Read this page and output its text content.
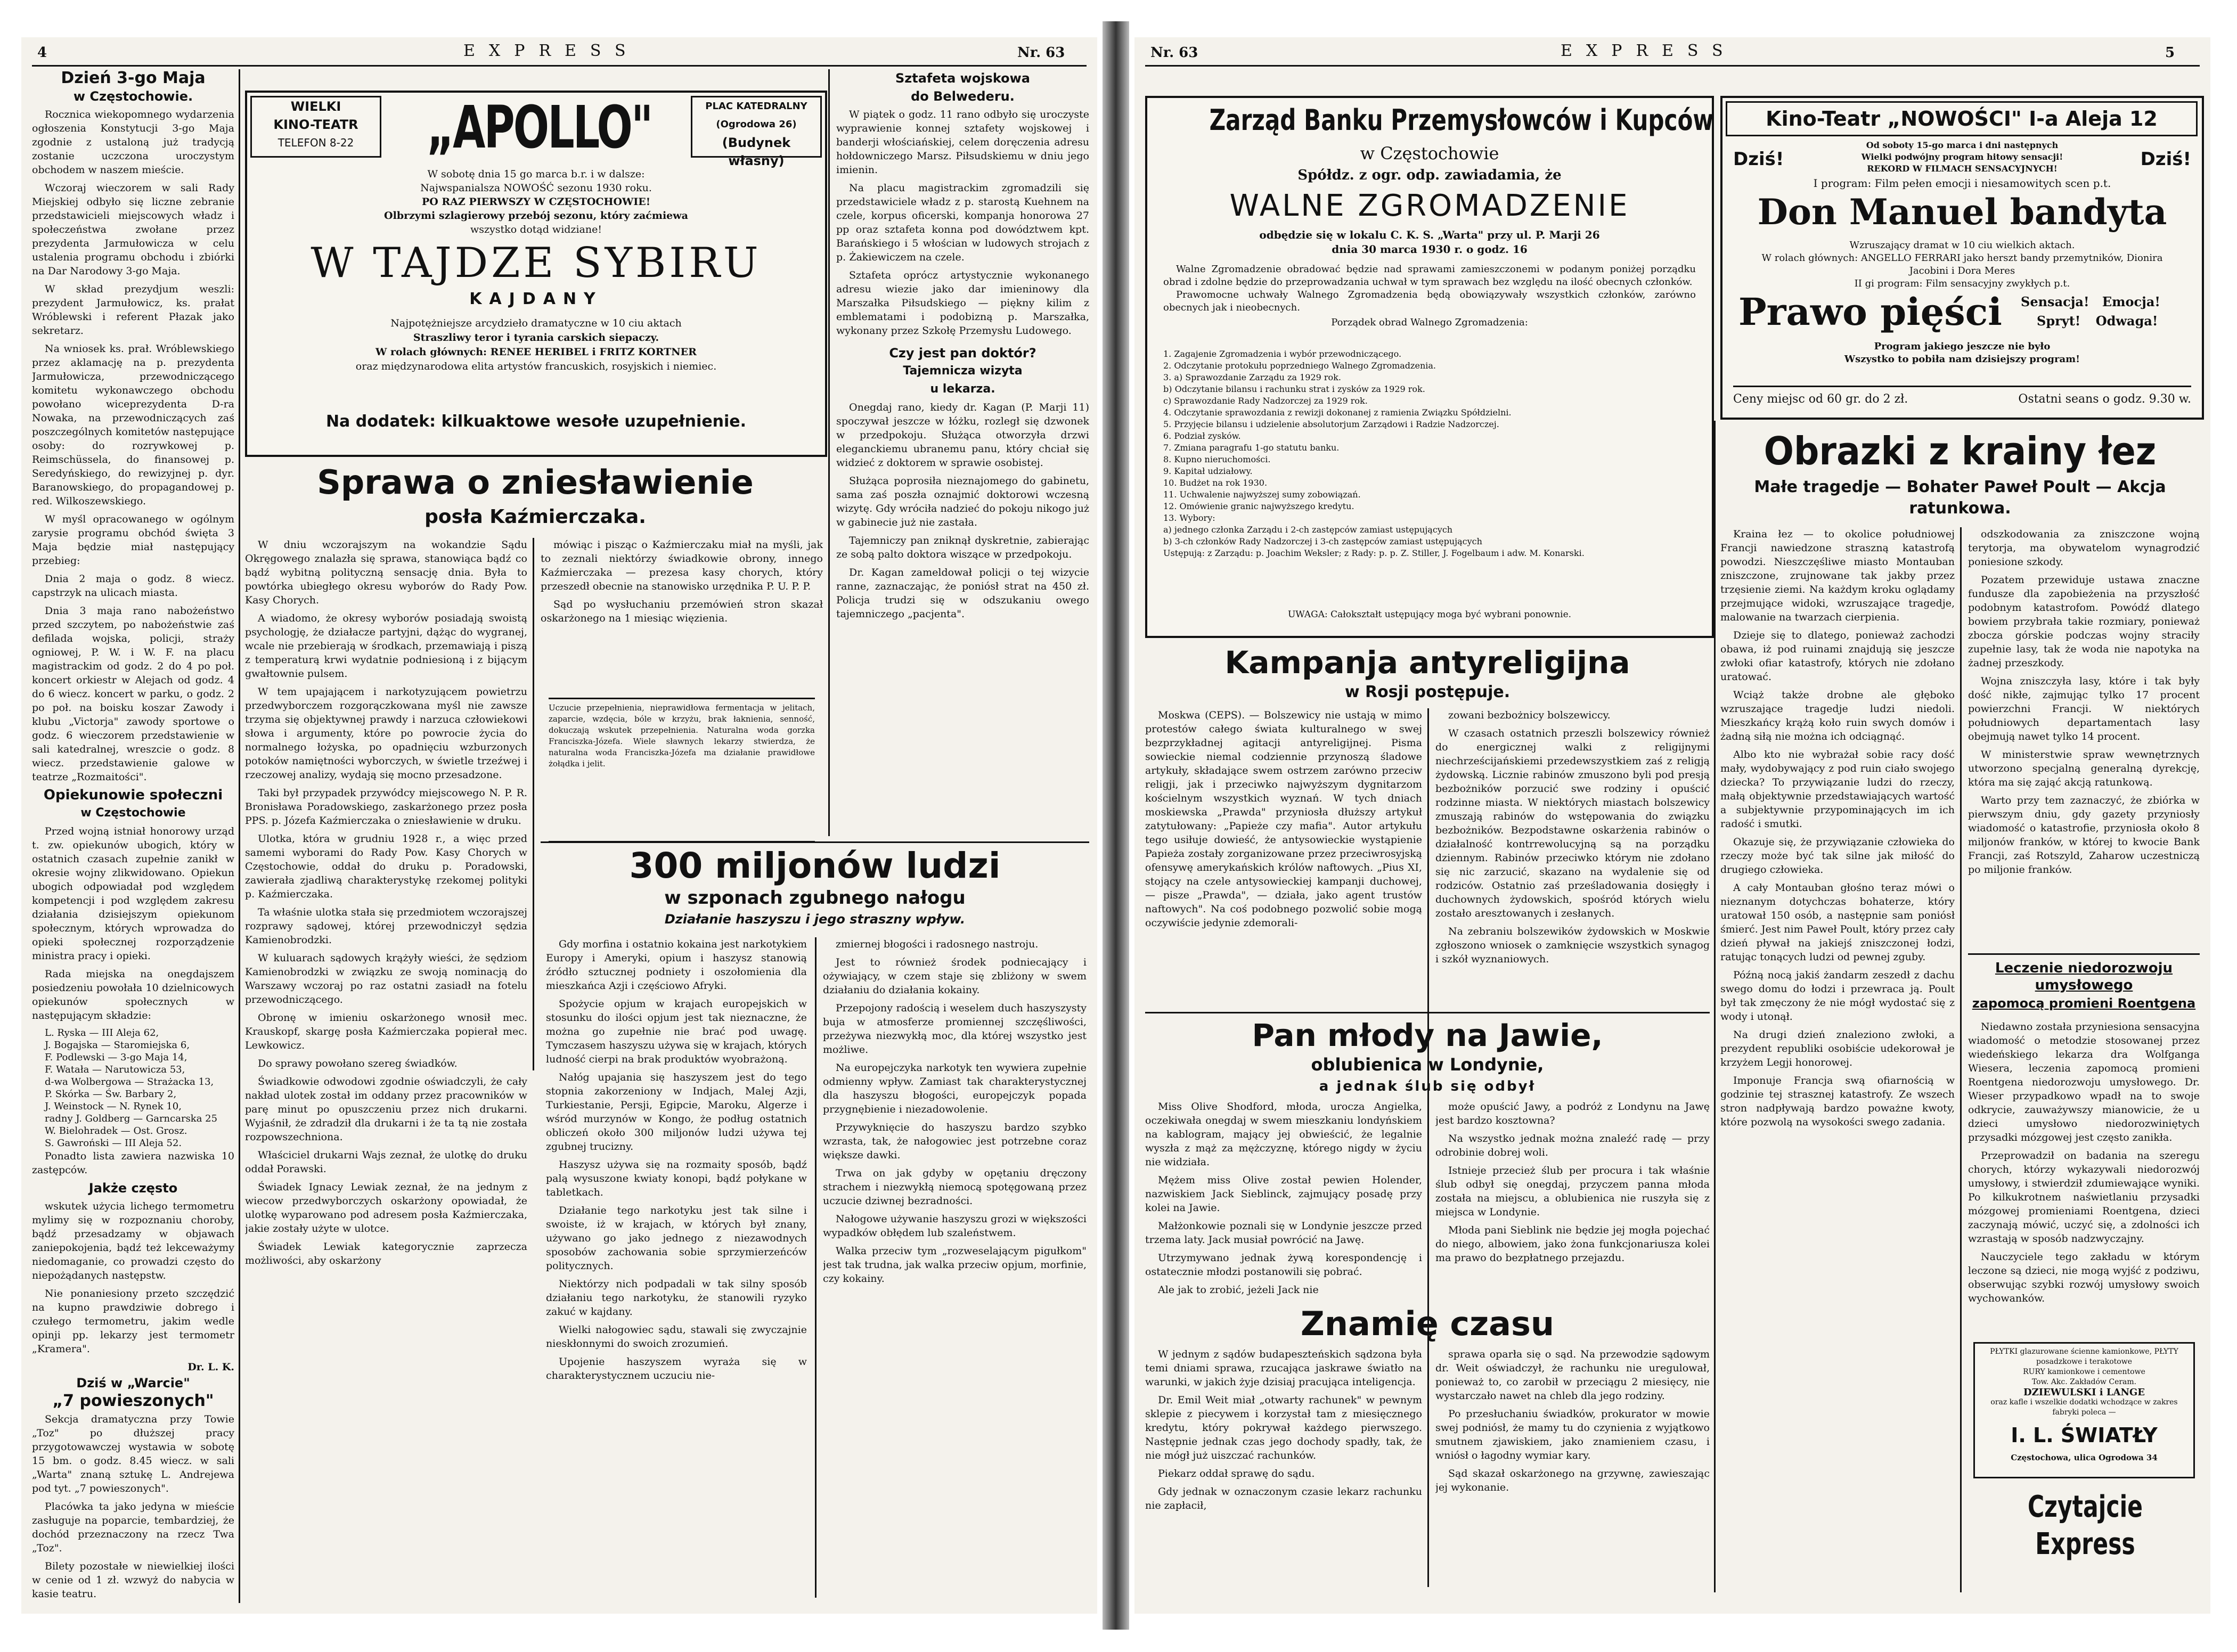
4	EXPRESS	Nr. 63
Dzień 3-go Maja
w Częstochowie.

Rocznica wiekopomnego wydarzenia ogłoszenia Konstytucji 3-go Maja zgodnie z ustaloną już tradycją zostanie uczczona uroczystym obchodem w naszem mieście.

Wczoraj wieczorem w sali Rady Miejskiej odbyło się liczne zebranie przedstawicieli miejscowych władz i społeczeństwa zwołane przez prezydenta Jarmułowicza w celu ustalenia programu obchodu i zbiórki na Dar Narodowy 3-go Maja.

W skład prezydjum weszli: prezydent Jarmułowicz, ks. prałat Wróblewski i referent Płazak jako sekretarz.

Na wniosek ks. prał. Wróblewskiego przez aklamację na p. prezydenta Jarmułowicza, przewodniczącego komitetu wykonawczego obchodu powołano wiceprezydenta D-ra Nowaka, na przewodniczących zaś poszczególnych komitetów następujące osoby: do rozrywkowej p. Reimschüssela, do finansowej p. Seredyńskiego, do rewizyjnej p. dyr. Baranowskiego, do propagandowej p. red. Wilkoszewskiego.

W myśl opracowanego w ogólnym zarysie programu obchód święta 3 Maja będzie miał następujący przebieg:

Dnia 2 maja o godz. 8 wiecz. capstrzyk na ulicach miasta.

Dnia 3 maja rano nabożeństwo przed szczytem, po nabożeństwie zaś defilada wojska, policji, straży ogniowej, P. W. i W. F. na placu magistrackim od godz. 2 do 4 po poł. koncert orkiestr w Alejach od godz. 4 do 6 wiecz. koncert w parku, o godz. 2 po poł. na boisku koszar Zawody i klubu „Victorja" zawody sportowe o godz. 6 wieczorem przedstawienie w sali katedralnej, wreszcie o godz. 8 wiecz. przedstawienie galowe w teatrze „Rozmaitości".

Opiekunowie społeczni
w Częstochowie

Przed wojną istniał honorowy urząd t. zw. opiekunów ubogich, który w ostatnich czasach zupełnie zanikł w okresie wojny zlikwidowano. Opiekun ubogich odpowiadał pod względem kompetencji i pod względem zakresu działania dzisiejszym opiekunom społecznym, których wprowadza do opieki społecznej rozporządzenie ministra pracy i opieki.

Rada miejska na onegdajszem posiedzeniu powołała 10 dzielnicowych opiekunów społecznych w następującym składzie:

L. Ryska — III Aleja 62,
J. Bogajska — Staromiejska 6,
F. Podlewski — 3-go Maja 14,
F. Watała — Narutowicza 53,
d-wa Wolbergowa — Strażacka 13,
P. Skórka — Św. Barbary 2,
J. Weinstock — N. Rynek 10,
radny J. Goldberg — Garncarska 25
W. Bielohradek — Ost. Grosz.
S. Gawroński — III Aleja 52.

Ponadto lista zawiera nazwiska 10 zastępców.

Jakże często

wskutek użycia lichego termometru mylimy się w rozpoznaniu choroby, bądź przesadzamy w objawach zaniepokojenia, bądź też lekceważymy niedomaganie, co prowadzi często do niepożądanych następstw.

Nie ponaniesiony przeto szczędzić na kupno prawdziwie dobrego i czułego termometru, jakim wedle opinji pp. lekarzy jest termometr „Kramera".

Dr. L. K.
Dziś w „Warcie"
„7 powieszonych"

Sekcja dramatyczna przy Towie „Toz" po dłuższej pracy przygotowawczej wystawia w sobotę 15 bm. o godz. 8.45 wiecz. w sali „Warta" znaną sztukę L. Andrejewa pod tyt. „7 powieszonych".

Placówka ta jako jedyna w mieście zasługuje na poparcie, tembardziej, że dochód przeznaczony na rzecz Twa „Toz".

Bilety pozostałe w niewielkiej ilości w cenie od 1 zł. wzwyż do nabycia w kasie teatru.

WIELKI
KINO-TEATR
TELEFON 8-22	„APOLLO"	PLAC KATEDRALNY
(Ogrodowa 26)
(Budynek własny)
W sobotę dnia 15 go marca b.r. i w dalsze:
Najwspanialsza NOWOŚĆ sezonu 1930 roku.
PO RAZ PIERWSZY W CZĘSTOCHOWIE!
Olbrzymi szlagierowy przebój sezonu, który zaćmiewa
wszystko dotąd widziane!
W TAJDZE SYBIRU
KAJDANY
Najpotężniejsze arcydzieło dramatyczne w 10 ciu aktach
Straszliwy teror i tyrania carskich siepaczy.
W rolach głównych: RENEE HERIBEL i FRITZ KORTNER
oraz międzynarodowa elita artystów francuskich, rosyjskich i niemiec.
Na dodatek: kilkuaktowe wesołe uzupełnienie.
Sprawa o zniesławienie
posła Kaźmierczaka.

W dniu wczorajszym na wokandzie Sądu Okręgowego znalazła się sprawa, stanowiąca bądź co bądź wybitną polityczną sensację dnia. Była to powtórka ubiegłego okresu wyborów do Rady Pow. Kasy Chorych.

A wiadomo, że okresy wyborów posiadają swoistą psychologję, że działacze partyjni, dążąc do wygranej, wcale nie przebierają w środkach, przemawiają i piszą z temperaturą krwi wydatnie podniesioną i z bijącym gwałtownie pulsem.

W tem upajającem i narkotyzującem powietrzu przedwyborczem rozgorączkowana myśl nie zawsze trzyma się objektywnej prawdy i narzuca człowiekowi słowa i argumenty, które po powrocie życia do normalnego łożyska, po opadnięciu wzburzonych potoków namiętności wyborczych, w świetle trzeźwej i rzeczowej analizy, wydają się mocno przesadzone.

Taki był przypadek przywódcy miejscowego N. P. R. Bronisława Poradowskiego, zaskarżonego przez posła PPS. p. Józefa Kaźmierczaka o zniesławienie w druku.

Ulotka, która w grudniu 1928 r., a więc przed samemi wyborami do Rady Pow. Kasy Chorych w Częstochowie, oddał do druku p. Poradowski, zawierała zjadliwą charakterystykę rzekomej polityki p. Kaźmierczaka.

Ta właśnie ulotka stała się przedmiotem wczorajszej rozprawy sądowej, której przewodniczył sędzia Kamienobrodzki.

W kuluarach sądowych krążyły wieści, że sędziom Kamienobrodzki w związku ze swoją nominacją do Warszawy wczoraj po raz ostatni zasiadł na fotelu przewodniczącego.

Obronę w imieniu oskarżonego wnosił mec. Krauskopf, skargę posła Kaźmierczaka popierał mec. Lewkowicz.

Do sprawy powołano szereg świadków.

Świadkowie odwodowi zgodnie oświadczyli, że cały nakład ulotek został im oddany przez pracowników w parę minut po opuszczeniu przez nich drukarni. Wyjaśnił, że zdradził dla drukarni i że ta tą nie została rozpowszechniona.

Właściciel drukarni Wajs zeznał, że ulotkę do druku oddał Porawski.

Świadek Ignacy Lewiak zeznał, że na jednym z wiecow przedwyborczych oskarżony opowiadał, że ulotkę wyparowano pod adresem posła Kaźmierczaka, jakie zostały użyte w ulotce.

Świadek Lewiak kategorycznie zaprzecza możliwości, aby oskarżony

mówiąc i pisząc o Kaźmierczaku miał na myśli, jak to zeznali niektórzy świadkowie obrony, innego Kaźmierczaka — prezesa kasy chorych, który przeszedł obecnie na stanowisko urzędnika P. U. P. P.

Sąd po wysłuchaniu przemówień stron skazał oskarżonego na 1 miesiąc więzienia.

Uczucie przepełnienia, nieprawidłowa fermentacja w jelitach, zaparcie, wzdęcia, bóle w krzyżu, brak łaknienia, senność, dokuczają wskutek przepełnienia. Naturalna woda gorzka Franciszka-Józefa. Wiele sławnych lekarzy stwierdza, że naturalna woda Franciszka-Józefa ma działanie prawidłowe żołądka i jelit.
300 miljonów ludzi
w szponach zgubnego nałogu
Działanie haszyszu i jego straszny wpływ.

Gdy morfina i ostatnio kokaina jest narkotykiem Europy i Ameryki, opium i haszysz stanowią źródło sztucznej podniety i oszołomienia dla mieszkańca Azji i częściowo Afryki.

Spożycie opjum w krajach europejskich w stosunku do ilości opjum jest tak nieznaczne, że można go zupełnie nie brać pod uwagę. Tymczasem haszyszu używa się w krajach, których ludność cierpi na brak produktów wyobrażoną.

Nałóg upajania się haszyszem jest do tego stopnia zakorzeniony w Indjach, Malej Azji, Turkiestanie, Persji, Egipcie, Maroku, Algerze i wśród murzynów w Kongo, że podług ostatnich obliczeń około 300 miljonów ludzi używa tej zgubnej trucizny.

Haszysz używa się na rozmaity sposób, bądź palą wysuszone kwiaty konopi, bądź połykane w tabletkach.

Działanie tego narkotyku jest tak silne i swoiste, iż w krajach, w których był znany, używano go jako jednego z niezawodnych sposobów zachowania sobie sprzymierzeńców politycznych.

Niektórzy nich podpadali w tak silny sposób działaniu tego narkotyku, że stanowili ryzyko zakuć w kajdany.

Wielki nałogowiec sądu, stawali się zwyczajnie nieskłonnymi do swoich zrozumień.

Upojenie haszyszem wyraża się w charakterystycznem uczuciu nie-

zmiernej błogości i radosnego nastroju.

Jest to również środek podniecający i ożywiający, w czem staje się zbliżony w swem działaniu do działania kokainy.

Przepojony radością i weselem duch haszyszysty buja w atmosferze promiennej szczęśliwości, przeżywa niezwykłą moc, dla której wszystko jest możliwe.

Na europejczyka narkotyk ten wywiera zupełnie odmienny wpływ. Zamiast tak charakterystycznej dla haszyszu błogości, europejczyk popada przygnębienie i niezadowolenie.

Przywyknięcie do haszyszu bardzo szybko wzrasta, tak, że nałogowiec jest potrzebne coraz większe dawki.

Trwa on jak gdyby w opętaniu dręczony strachem i niezwykłą niemocą spotęgowaną przez uczucie dziwnej bezradności.

Nałogowe używanie haszyszu grozi w większości wypadków obłędem lub szaleństwem.

Walka przeciw tym „rozweselającym pigułkom" jest tak trudna, jak walka przeciw opjum, morfinie, czy kokainy.

Sztafeta wojskowa
do Belwederu.

W piątek o godz. 11 rano odbyło się uroczyste wyprawienie konnej sztafety wojskowej i banderji włościańskiej, celem doręczenia adresu hołdowniczego Marsz. Piłsudskiemu w dniu jego imienin.

Na placu magistrackim zgromadzili się przedstawiciele władz z p. starostą Kuehnem na czele, korpus oficerski, kompanja honorowa 27 pp oraz sztafeta konna pod dowództwem kpt. Barańskiego i 5 włościan w ludowych strojach z p. Żakiewiczem na czele.

Sztafeta oprócz artystycznie wykonanego adresu wiezie jako dar imieninowy dla Marszałka Piłsudskiego — piękny kilim z emblematami i podobizną p. Marszałka, wykonany przez Szkołę Przemysłu Ludowego.

Czy jest pan doktór?
Tajemnicza wizyta
u lekarza.

Onegdaj rano, kiedy dr. Kagan (P. Marji 11) spoczywał jeszcze w łóżku, rozległ się dzwonek w przedpokoju. Służąca otworzyła drzwi eleganckiemu ubranemu panu, który chciał się widzieć z doktorem w sprawie osobistej.

Służąca poprosiła nieznajomego do gabinetu, sama zaś poszła oznajmić doktorowi wczesną wizytę. Gdy wróciła nadzieć do pokoju nikogo już w gabinecie już nie zastała.

Tajemniczy pan zniknął dyskretnie, zabierając ze sobą palto doktora wiszące w przedpokoju.

Dr. Kagan zameldował policji o tej wizycie ranne, zaznaczając, że poniósł strat na 450 zł. Policja trudzi się w odszukaniu owego tajemniczego „pacjenta".

Nr. 63	EXPRESS	5
Zarząd Banku Przemysłowców i Kupców
w Częstochowie
Spółdz. z ogr. odp. zawiadamia, że
WALNE ZGROMADZENIE
odbędzie się w lokalu C. K. S. „Warta" przy ul. P. Marji 26
dnia 30 marca 1930 r. o godz. 16
Walne Zgromadzenie obradować będzie nad sprawami zamieszczonemi w podanym poniżej porządku obrad i zdolne będzie do przeprowadzania uchwał w tym sprawach bez względu na ilość obecnych członków.
Prawomocne uchwały Walnego Zgromadzenia będą obowiązywały wszystkich członków, zarówno obecnych jak i nieobecnych.
Porządek obrad Walnego Zgromadzenia:
1. Zagajenie Zgromadzenia i wybór przewodniczącego.
2. Odczytanie protokułu poprzedniego Walnego Zgromadzenia.
3. a) Sprawozdanie Zarządu za 1929 rok.
b) Odczytanie bilansu i rachunku strat i zysków za 1929 rok.
c) Sprawozdanie Rady Nadzorczej za 1929 rok.
4. Odczytanie sprawozdania z rewizji dokonanej z ramienia Związku Spółdzielni.
5. Przyjęcie bilansu i udzielenie absolutorjum Zarządowi i Radzie Nadzorczej.
6. Podział zysków.
7. Zmiana paragrafu 1-go statutu banku.
8. Kupno nieruchomości.
9. Kapitał udziałowy.
10. Budżet na rok 1930.
11. Uchwalenie najwyższej sumy zobowiązań.
12. Omówienie granic najwyższego kredytu.
13. Wybory:
a) jednego członka Zarządu i 2-ch zastępców zamiast ustępujących
b) 3-ch członków Rady Nadzorczej i 3-ch zastępców zamiast ustępujących
Ustępują: z Zarządu: p. Joachim Weksler; z Rady: p. p. Z. Stiller, J. Fogelbaum i adw. M. Konarski.
UWAGA: Całokształt ustępujący moga być wybrani ponownie.
Kino-Teatr „NOWOŚCI" I-a Aleja 12
Dziś!	Dziś!
Od soboty 15-go marca i dni następnych
Wielki podwójny program hitowy sensacji!
REKORD W FILMACH SENSACYJNYCH!
I program: Film pełen emocji i niesamowitych scen p.t.
Don Manuel bandyta
Wzruszający dramat w 10 ciu wielkich aktach.
W rolach głównych: ANGELLO FERRARI jako herszt bandy przemytników, Dionira Jacobini i Dora Meres
II gi program: Film sensacyjny zwykłych p.t.
Prawo pięści Sensacja! Emocja!
Spryt! Odwaga!
Program jakiego jeszcze nie było
Wszystko to pobiła nam dzisiejszy program!
Ceny miejsc od 60 gr. do 2 zł.	Ostatni seans o godz. 9.30 w.
Obrazki z krainy łez
Małe tragedje — Bohater Paweł Poult — Akcja ratunkowa.

Kraina łez — to okolice południowej Francji nawiedzone straszną katastrofą powodzi. Nieszczęśliwe miasto Montauban zniszczone, zrujnowane tak jakby przez trzęsienie ziemi. Na każdym kroku oglądamy przejmujące widoki, wzruszające tragedje, malowanie na twarzach cierpienia.

Dzieje się to dlatego, ponieważ zachodzi obawa, iż pod ruinami znajdują się jeszcze zwłoki ofiar katastrofy, których nie zdołano uratować.

Wciąż także drobne ale głęboko wzruszające tragedje ludzi niedoli. Mieszkańcy krążą koło ruin swych domów i żadną siłą nie można ich odciągnąć.

Albo kto nie wybrażał sobie racy dość mały, wydobywający z pod ruin ciało swojego dziecka? To przywiązanie ludzi do rzeczy, małą objektywnie przedstawiających wartość a subjektywnie przypominających im ich radość i smutki.

Okazuje się, że przywiązanie człowieka do rzeczy może być tak silne jak miłość do drugiego człowieka.

A cały Montauban głośno teraz mówi o nieznanym dotychczas bohaterze, który uratował 150 osób, a następnie sam poniósł śmierć. Jest nim Paweł Poult, który przez cały dzień pływał na jakiejś zniszczonej łodzi, ratując tonących ludzi od pewnej zguby.

Późną nocą jakiś żandarm zeszedł z dachu swego domu do łodzi i przewraca ją. Poult był tak zmęczony że nie mógł wydostać się z wody i utonął.

Na drugi dzień znaleziono zwłoki, a prezydent republiki osobiście udekorował je krzyżem Legji honorowej.

Imponuje Francja swą ofiarnością w godzinie tej strasznej katastrofy. Ze wszech stron nadpływają bardzo poważne kwoty, które pozwolą na wysokości swego zadania.

odszkodowania za zniszczone wojną terytorja, ma obywatelom wynagrodzić poniesione szkody.

Pozatem przewiduje ustawa znaczne fundusze dla zapobieżenia na przyszłość podobnym katastrofom. Powódź dlatego bowiem przybrała takie rozmiary, ponieważ zbocza górskie podczas wojny straciły zupełnie lasy, tak że woda nie napotyka na żadnej przeszkody.

Wojna zniszczyła lasy, które i tak były dość nikłe, zajmując tylko 17 procent powierzchni Francji. W niektórych południowych departamentach lasy obejmują nawet tylko 14 procent.

W ministerstwie spraw wewnętrznych utworzono specjalną generalną dyrekcję, która ma się zająć akcją ratunkową.

Warto przy tem zaznaczyć, że zbiórka w pierwszym dniu, gdy gazety przyniosły wiadomość o katastrofie, przyniosła około 8 miljonów franków, w której to kwocie Bank Francji, zaś Rotszyld, Zaharow uczestniczą po miljonie franków.

Leczenie niedorozwoju umysłowego
zapomocą promieni Roentgena

Niedawno została przyniesiona sensacyjna wiadomość o metodzie stosowanej przez wiedeńskiego lekarza dra Wolfganga Wiesera, leczenia zapomocą promieni Roentgena niedorozwoju umysłowego. Dr. Wieser przypadkowo wpadł na to swoje odkrycie, zauważywszy mianowicie, że u dzieci umysłowo niedorozwiniętych przysadki mózgowej jest często zanikła.

Przeprowadził on badania na szeregu chorych, którzy wykazywali niedorozwój umysłowy, i stwierdził zdumiewające wyniki. Po kilkukrotnem naświetlaniu przysadki mózgowej promieniami Roentgena, dzieci zaczynają mówić, uczyć się, a zdolności ich wzrastają w sposób nadzwyczajny.

Nauczyciele tego zakładu w którym leczone są dzieci, nie mogą wyjść z podziwu, obserwując szybki rozwój umysłowy swoich wychowanków.

PŁYTKI glazurowane ścienne kamionkowe, PŁYTY posadzkowe i terakotowe
RURY kamionkowe i cementowe
Tow. Akc. Zakładów Ceram.
DZIEWULSKI i LANGE
oraz kafle i wszelkie dodatki wchodzące w zakres fabryki poleca —
I. L. ŚWIATŁY
Częstochowa, ulica Ogrodowa 34
Czytajcie Express
Kampanja antyreligijna
w Rosji postępuje.

Moskwa (CEPS). — Bolszewicy nie ustają w mimo protestów całego świata kulturalnego w swej bezprzykładnej agitacji antyreligijnej. Pisma sowieckie niemal codziennie przynoszą śladowe artykuły, składające swem ostrzem zarówno przeciw religji, jak i przeciwko najwyższym dygnitarzom kościelnym wszystkich wyznań. W tych dniach moskiewska „Prawda" przyniosła dłuższy artykuł zatytułowany: „Papieże czy mafia". Autor artykułu tego usiłuje dowieść, że antysowieckie wystąpienie Papieża zostały zorganizowane przez przeciwrosyjską ofensywę amerykańskich królów naftowych. „Pius XI, stojący na czele antysowieckiej kampanji duchowej, — pisze „Prawda", — działa, jako agent trustów naftowych". Na coś podobnego pozwolić sobie mogą oczywiście jedynie zdemorali-

zowani bezbożnicy bolszewiccy.

W czasach ostatnich przeszli bolszewicy również do energicznej walki z religijnymi niechrześcijańskiemi przedewszystkiem zaś z religją żydowską. Licznie rabinów zmuszono byli pod presją bezbożników porzucić swe rodziny i opuścić rodzinne miasta. W niektórych miastach bolszewicy zmuszają rabinów do wstępowania do związku bezbożników. Bezpodstawne oskarżenia rabinów o działalność kontrrewolucyjną są na porządku dziennym. Rabinów przeciwko którym nie zdołano się nic zarzucić, skazano na wydalenie się od rodziców. Ostatnio zaś prześladowania dosięgły i duchownych żydowskich, spośród których wielu zostało aresztowanych i zesłanych.

Na zebraniu bolszewików żydowskich w Moskwie zgłoszono wniosek o zamknięcie wszystkich synagog i szkół wyznaniowych.

Pan młody na Jawie,
oblubienica w Londynie,
a jednak ślub się odbył

Miss Olive Shodford, młoda, urocza Angielka, oczekiwała onegdaj w swem mieszkaniu londyńskiem na kablogram, mający jej obwieścić, że legalnie wyszła z mąż za mężczyznę, którego nigdy w życiu nie widziała.

Mężem miss Olive został pewien Holender, nazwiskiem Jack Sieblinck, zajmujący posadę przy kolei na Jawie.

Małżonkowie poznali się w Londynie jeszcze przed trzema laty. Jack musiał powrócić na Jawę.

Utrzymywano jednak żywą korespondencję i ostatecznie młodzi postanowili się pobrać.

Ale jak to zrobić, jeżeli Jack nie

może opuścić Jawy, a podróż z Londynu na Jawę jest bardzo kosztowna?

Na wszystko jednak można znaleźć radę — przy odrobinie dobrej woli.

Istnieje przecież ślub per procura i tak właśnie ślub odbył się onegdaj, przyczem panna młoda została na miejscu, a oblubienica nie ruszyła się z miejsca w Londynie.

Młoda pani Sieblink nie będzie jej mogła pojechać do niego, albowiem, jako żona funkcjonariusza kolei ma prawo do bezpłatnego przejazdu.

Znamię czasu

W jednym z sądów budapeszteńskich sądzona była temi dniami sprawa, rzucająca jaskrawe światło na warunki, w jakich żyje dzisiaj pracująca inteligencja.

Dr. Emil Weit miał „otwarty rachunek" w pewnym sklepie z piecywem i korzystał tam z miesięcznego kredytu, który pokrywał każdego pierwszego. Następnie jednak czas jego dochody spadły, tak, że nie mógł już uiszczać rachunków.

Piekarz oddał sprawę do sądu.

Gdy jednak w oznaczonym czasie lekarz rachunku nie zapłacił,

sprawa oparła się o sąd. Na przewodzie sądowym dr. Weit oświadczył, że rachunku nie uregulował, ponieważ to, co zarobił w przeciągu 2 miesięcy, nie wystarczało nawet na chleb dla jego rodziny.

Po przesłuchaniu świadków, prokurator w mowie swej podniósł, że mamy tu do czynienia z wyjątkowo smutnem zjawiskiem, jako znamieniem czasu, i wniósł o łagodny wymiar kary.

Sąd skazał oskarżonego na grzywnę, zawieszając jej wykonanie.
